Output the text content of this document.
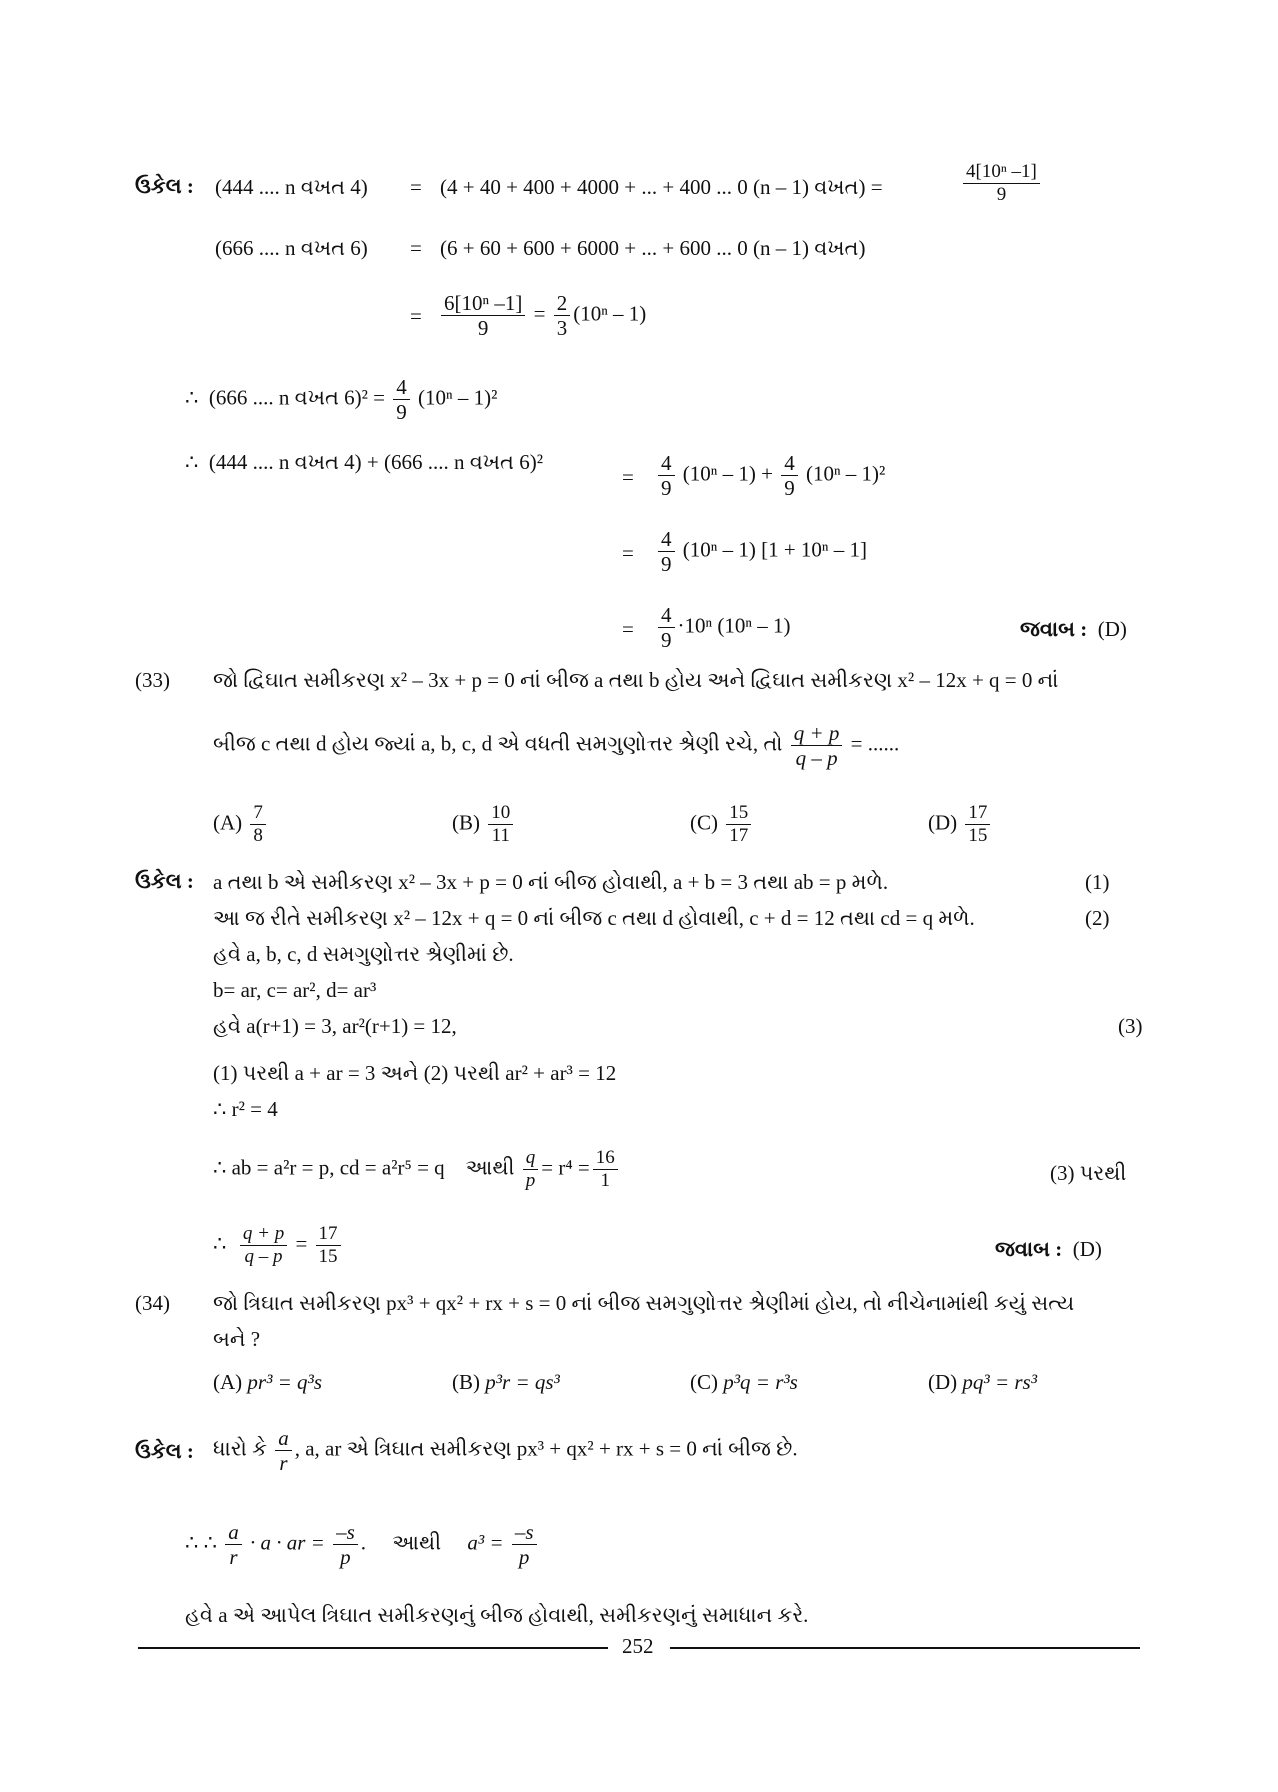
ઉકેલ : (444 .... n વખત 4) = (4 + 40 + 400 + 4000 + ... + 400 ... 0 (n – 1) વખત) =	$\frac{\text{4[10ⁿ –1]}}{9}$
(666 .... n વખત 6) = (6 + 60 + 600 + 6000 + ... + 600 ... 0 (n – 1) વખત)
= $\frac{\text{6[10ⁿ –1]}}{9} = \frac{2}{3} (10^n - 1)$
∴ (666 .... n વખત $6)^2 = \frac{4}{9} (10^n - 1)^2$
∴ (444 .... n વખત 4) + (666 .... n વખત 6)²
= $\frac{4}{9} (10^n - 1) + \frac{4}{9} (10^n - 1)^2$
= $\frac{4}{9} (10^n - 1) [1 + 10^n - 1]$
= $\frac{4}{9} \cdot 10^n$ (10ⁿ – 1)	જવાબ : (D)
(33) જો દ્વિઘાત સમીકરણ x² – 3x + p = 0 નાં બીજ a તથા b હોય અને દ્વિઘાત સમીકરણ x² – 12x + q = 0 નાં
બીજ c તથા d હોય જ્યાં a, b, c, d એ વધતી સમગુણોત્તર શ્રેણી રચે, તો $\frac{q + p}{q - p}$ = ......
$(A) \frac{7}{8}$	$(B) \frac{10}{11}$	$(C) \frac{15}{17}$	$(D) \frac{17}{15}$
ઉકેલ : a તથા b એ સમીકરણ x² – 3x + p = 0 નાં બીજ હોવાથી, a + b = 3 તથા ab = p મળે.	(1)
આ જ રીતે સમીકરણ x² – 12x + q = 0 નાં બીજ c તથા d હોવાથી, c + d = 12 તથા cd = q મળે.	(2)
હવે a, b, c, d સમગુણોત્તર શ્રેણીમાં છે.
b= ar, c= ar², d= ar³
હવે a(r+1) = 3, ar²(r+1) = 12,	(3)
(1) પરથી a + ar = 3 અને (2) પરથી ar² + ar³ = 12
∴ r² = 4
∴ ab = a²r = p, cd = a²r⁵ = q આથી $\frac{q}{p} = r^4 = \frac{16}{1}$	(3) પરથી
∴ $\frac{q + p}{q - p} = \frac{17}{15}$	જવાબ : (D)
(34) જો ત્રિઘાત સમીકરણ px³ + qx² + rx + s = 0 નાં બીજ સમગુણોત્તર શ્રેણીમાં હોય, તો નીચેનામાંથી કયું સત્ય
બને ?
(A) pr³ = q³s	(B) p³r = qs³	(C) p³q = r³s	(D) pq³ = rs³
ઉકેલ : ધારો કે $\frac{a}{r}$ , a, ar એ ત્રિઘાત સમીકરણ px³ + qx² + rx + s = 0 નાં બીજ છે.
∴ ∴ $\frac{a}{r} \cdot a$ · ar = $\frac{-s}{p}$ . આથી $a^3 = \frac{-s}{p}$
હવે a એ આપેલ ત્રિઘાત સમીકરણનું બીજ હોવાથી, સમીકરણનું સમાધાન કરે.
252
